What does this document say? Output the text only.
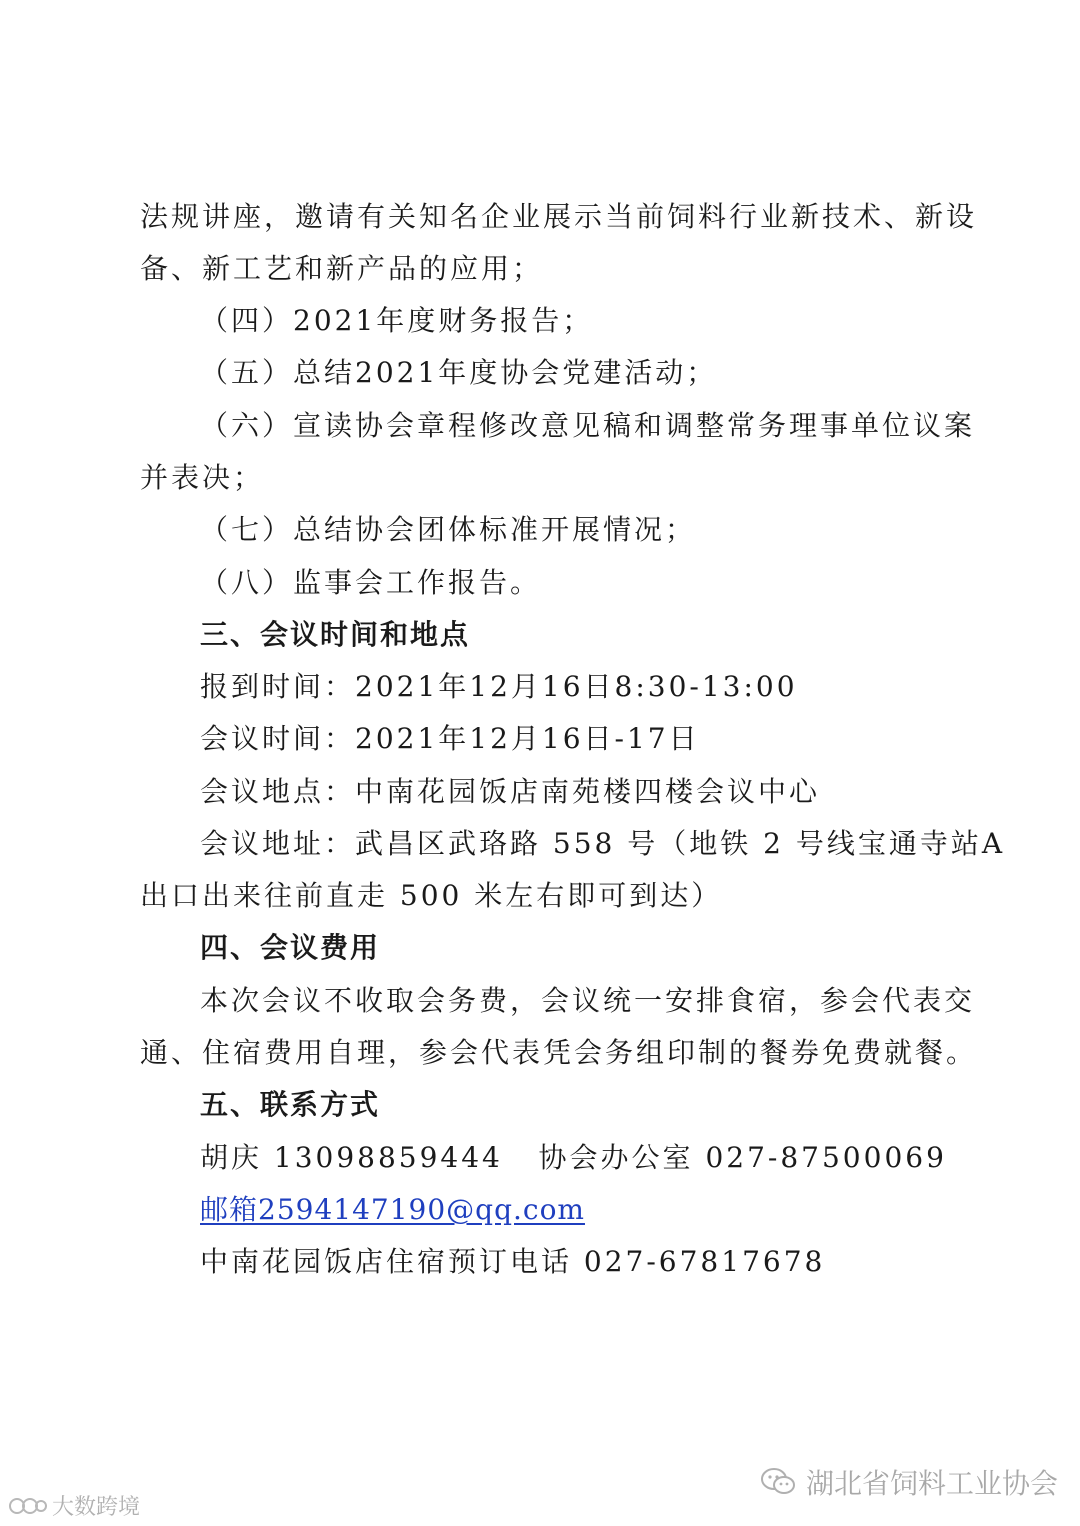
法规讲座，邀请有关知名企业展示当前饲料行业新技术、新设
备、新工艺和新产品的应用；
（四）2021年度财务报告；
（五）总结2021年度协会党建活动；
（六）宣读协会章程修改意见稿和调整常务理事单位议案
并表决；
（七）总结协会团体标准开展情况；
（八）监事会工作报告。
三、会议时间和地点
报到时间：2021年12月16日8:30-13:00
会议时间：2021年12月16日-17日
会议地点：中南花园饭店南苑楼四楼会议中心
会议地址：武昌区武珞路 558 号（地铁 2 号线宝通寺站A
出口出来往前直走 500 米左右即可到达）
四、会议费用
本次会议不收取会务费，会议统一安排食宿，参会代表交
通、住宿费用自理，参会代表凭会务组印制的餐券免费就餐。
五、联系方式
胡庆 13098859444   协会办公室 027-87500069
邮箱2594147190@qq.com
中南花园饭店住宿预订电话 027-67817678
大数跨境
湖北省饲料工业协会
